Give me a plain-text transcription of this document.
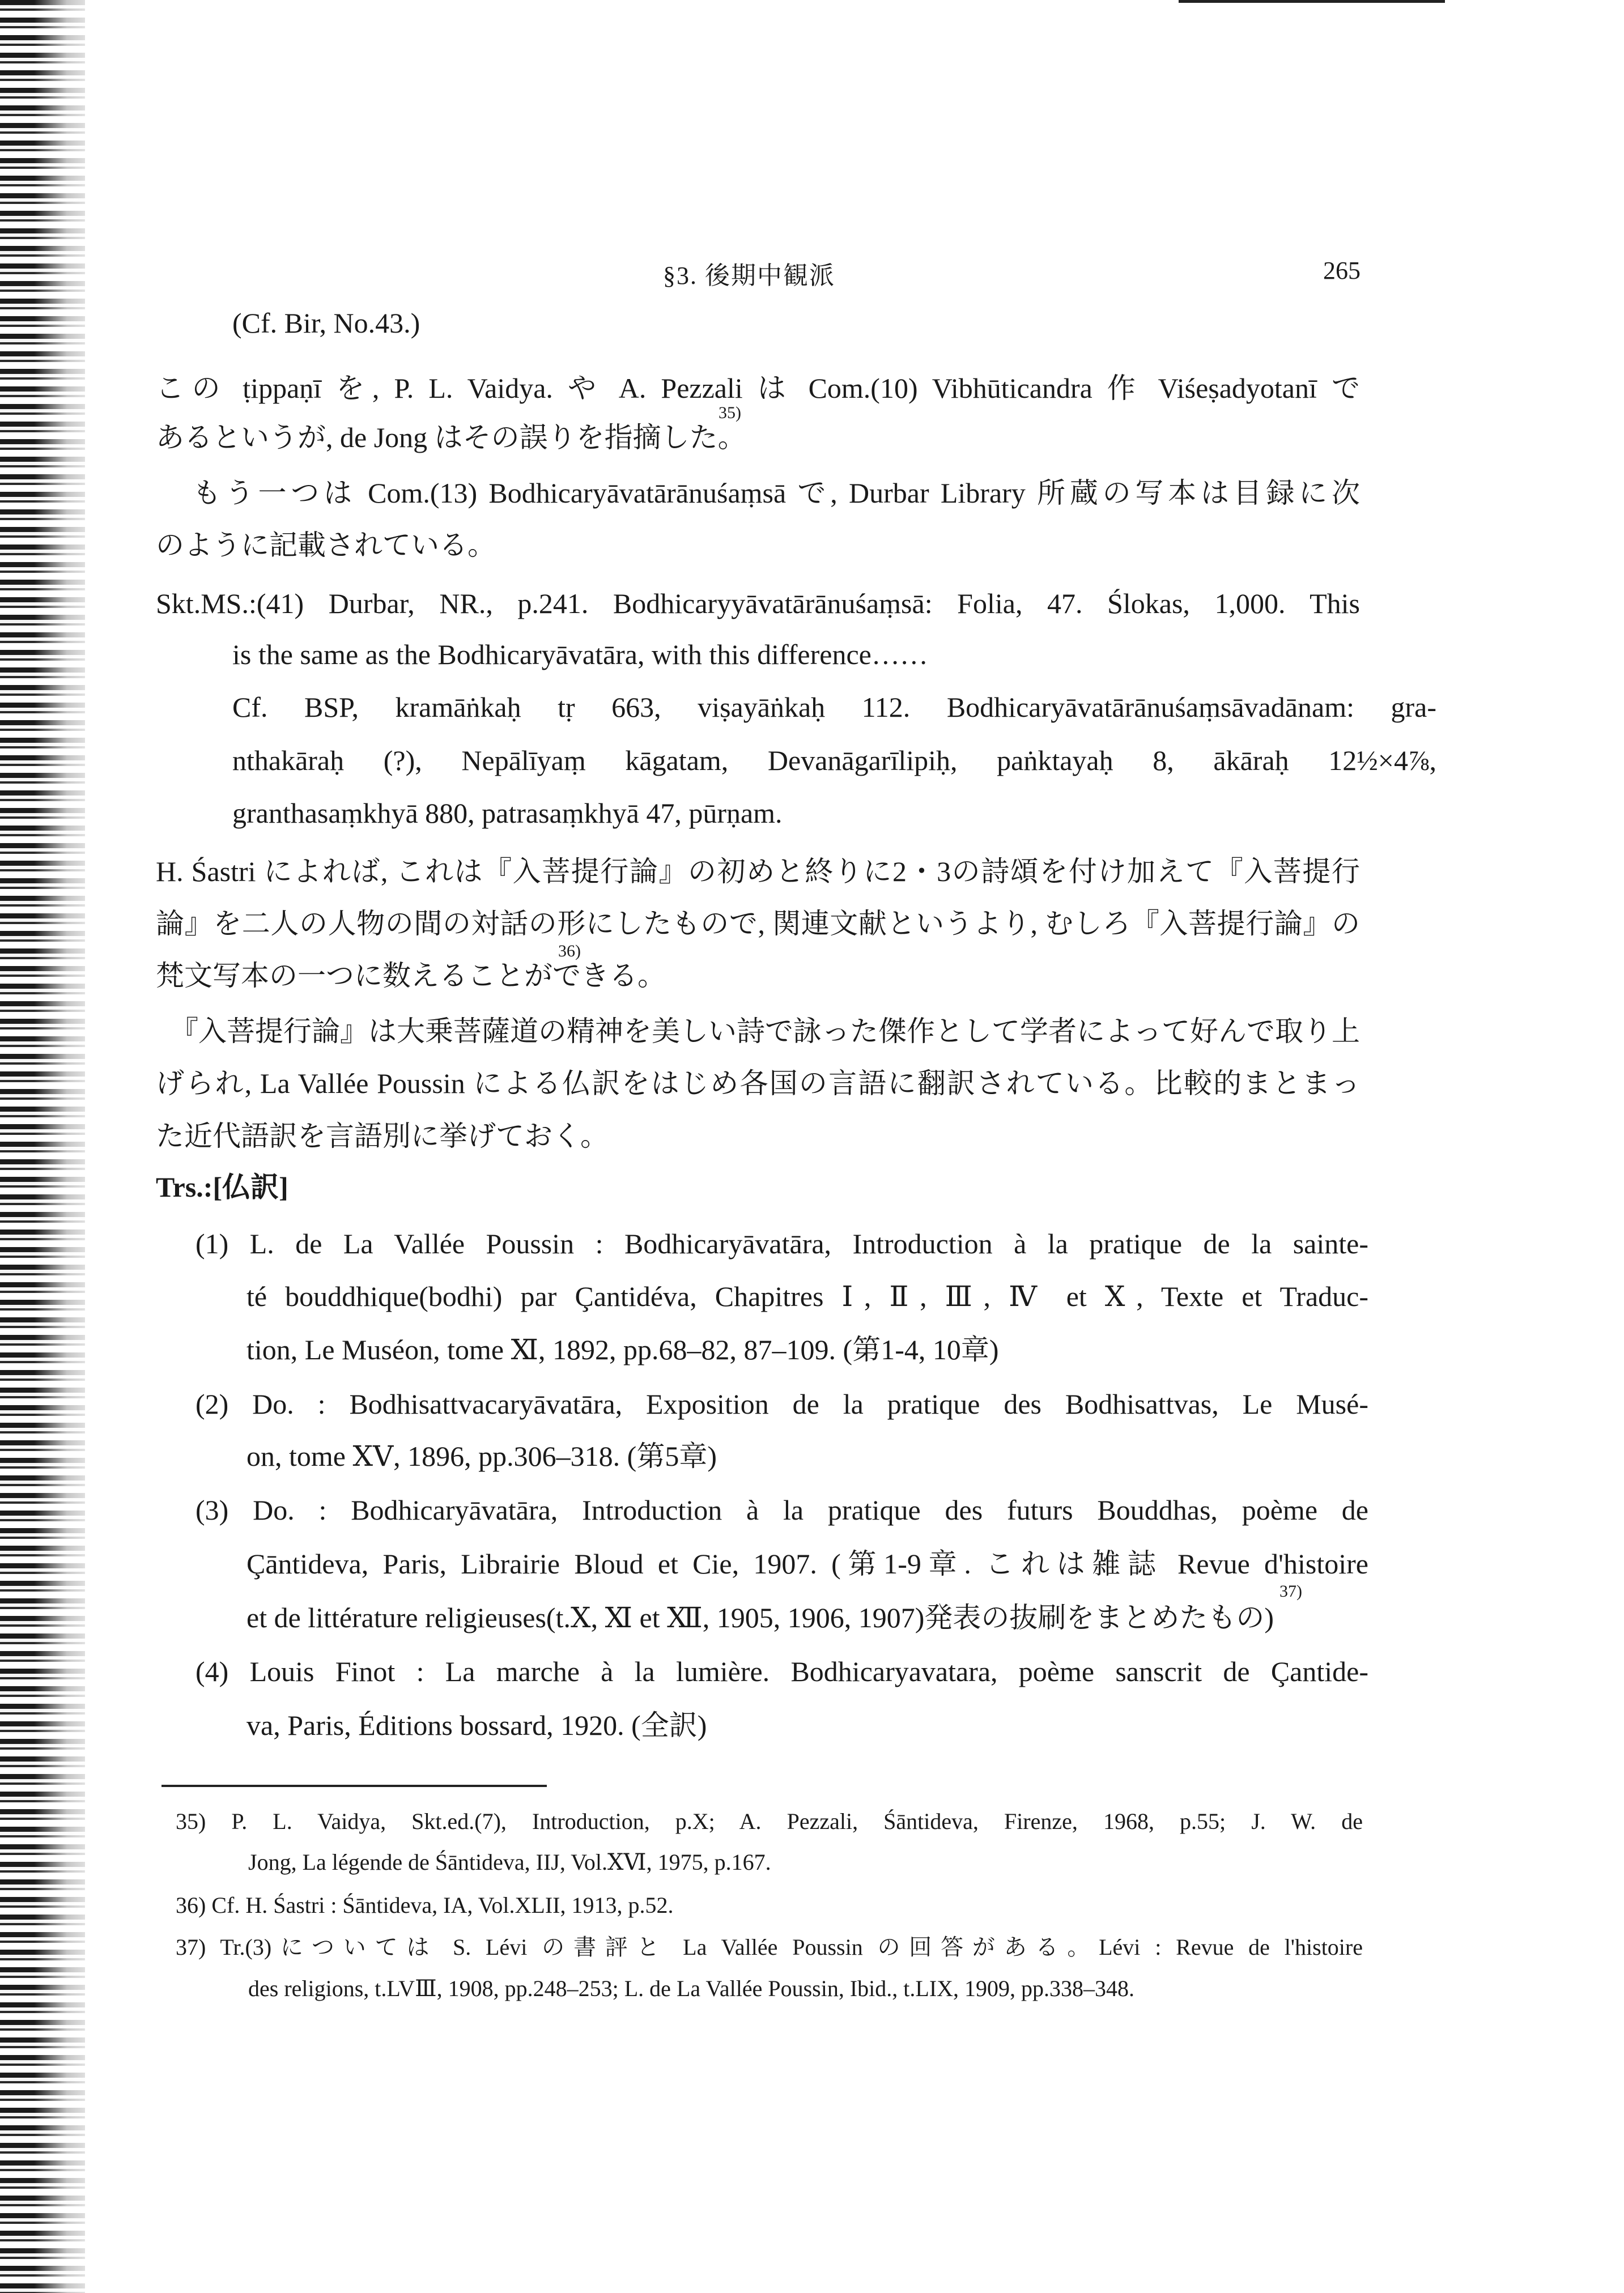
§3. 後期中観派	265
(Cf. Bir, No.43.)
この ṭippaṇī を, P. L. Vaidya. や A. Pezzali は Com.(10) Vibhūticandra 作 Viśeṣadyotanī で
あるというが, de Jong はその誤りを指摘した。
35)
もう一つは Com.(13) Bodhicaryāvatārānuśaṃsā で, Durbar Library 所蔵の写本は目録に次
のように記載されている。
Skt.MS.:(41) Durbar, NR., p.241. Bodhicaryyāvatārānuśaṃsā: Folia, 47. Ślokas, 1,000. This
is the same as the Bodhicaryāvatāra, with this difference……
Cf. BSP, kramāṅkaḥ tṛ 663, viṣayāṅkaḥ 112. Bodhicaryāvatārānuśaṃsāvadānam: gra-
nthakāraḥ (?), Nepālīyaṃ kāgatam, Devanāgarīlipiḥ, paṅktayaḥ 8, ākāraḥ 12½×4⅞,
granthasaṃkhyā 880, patrasaṃkhyā 47, pūrṇam.
H. Śastri によれば, これは『入菩提行論』の初めと終りに2・3の詩頌を付け加えて『入菩提行
論』を二人の人物の間の対話の形にしたもので, 関連文献というより, むしろ『入菩提行論』の
梵文写本の一つに数えることができる。
36)
『入菩提行論』は大乗菩薩道の精神を美しい詩で詠った傑作として学者によって好んで取り上
げられ, La Vallée Poussin による仏訳をはじめ各国の言語に翻訳されている。比較的まとまっ
た近代語訳を言語別に挙げておく。
Trs.:[仏訳]
(1) L. de La Vallée Poussin : Bodhicaryāvatāra, Introduction à la pratique de la sainte-
té bouddhique(bodhi) par Çantidéva, Chapitres Ⅰ, Ⅱ, Ⅲ, Ⅳ et Ⅹ, Texte et Traduc-
tion, Le Muséon, tome Ⅺ, 1892, pp.68–82, 87–109. (第1-4, 10章)
(2) Do. : Bodhisattvacaryāvatāra, Exposition de la pratique des Bodhisattvas, Le Musé-
on, tome ⅩⅤ, 1896, pp.306–318. (第5章)
(3) Do. : Bodhicaryāvatāra, Introduction à la pratique des futurs Bouddhas, poème de
Çāntideva, Paris, Librairie Bloud et Cie, 1907. (第1-9章. これは雑誌 Revue d'histoire
et de littérature religieuses(t.Ⅹ, Ⅺ et Ⅻ, 1905, 1906, 1907)発表の抜刷をまとめたもの)
37)
(4) Louis Finot : La marche à la lumière. Bodhicaryavatara, poème sanscrit de Çantide-
va, Paris, Éditions bossard, 1920. (全訳)
35) P. L. Vaidya, Skt.ed.(7), Introduction, p.X; A. Pezzali, Śāntideva, Firenze, 1968, p.55; J. W. de
Jong, La légende de Śāntideva, IIJ, Vol.ⅩⅥ, 1975, p.167.
36) Cf. H. Śastri : Śāntideva, IA, Vol.XLII, 1913, p.52.
37) Tr.(3)については S. Lévi の書評と La Vallée Poussin の回答がある。Lévi : Revue de l'histoire
des religions, t.LVⅢ, 1908, pp.248–253; L. de La Vallée Poussin, Ibid., t.LIX, 1909, pp.338–348.
